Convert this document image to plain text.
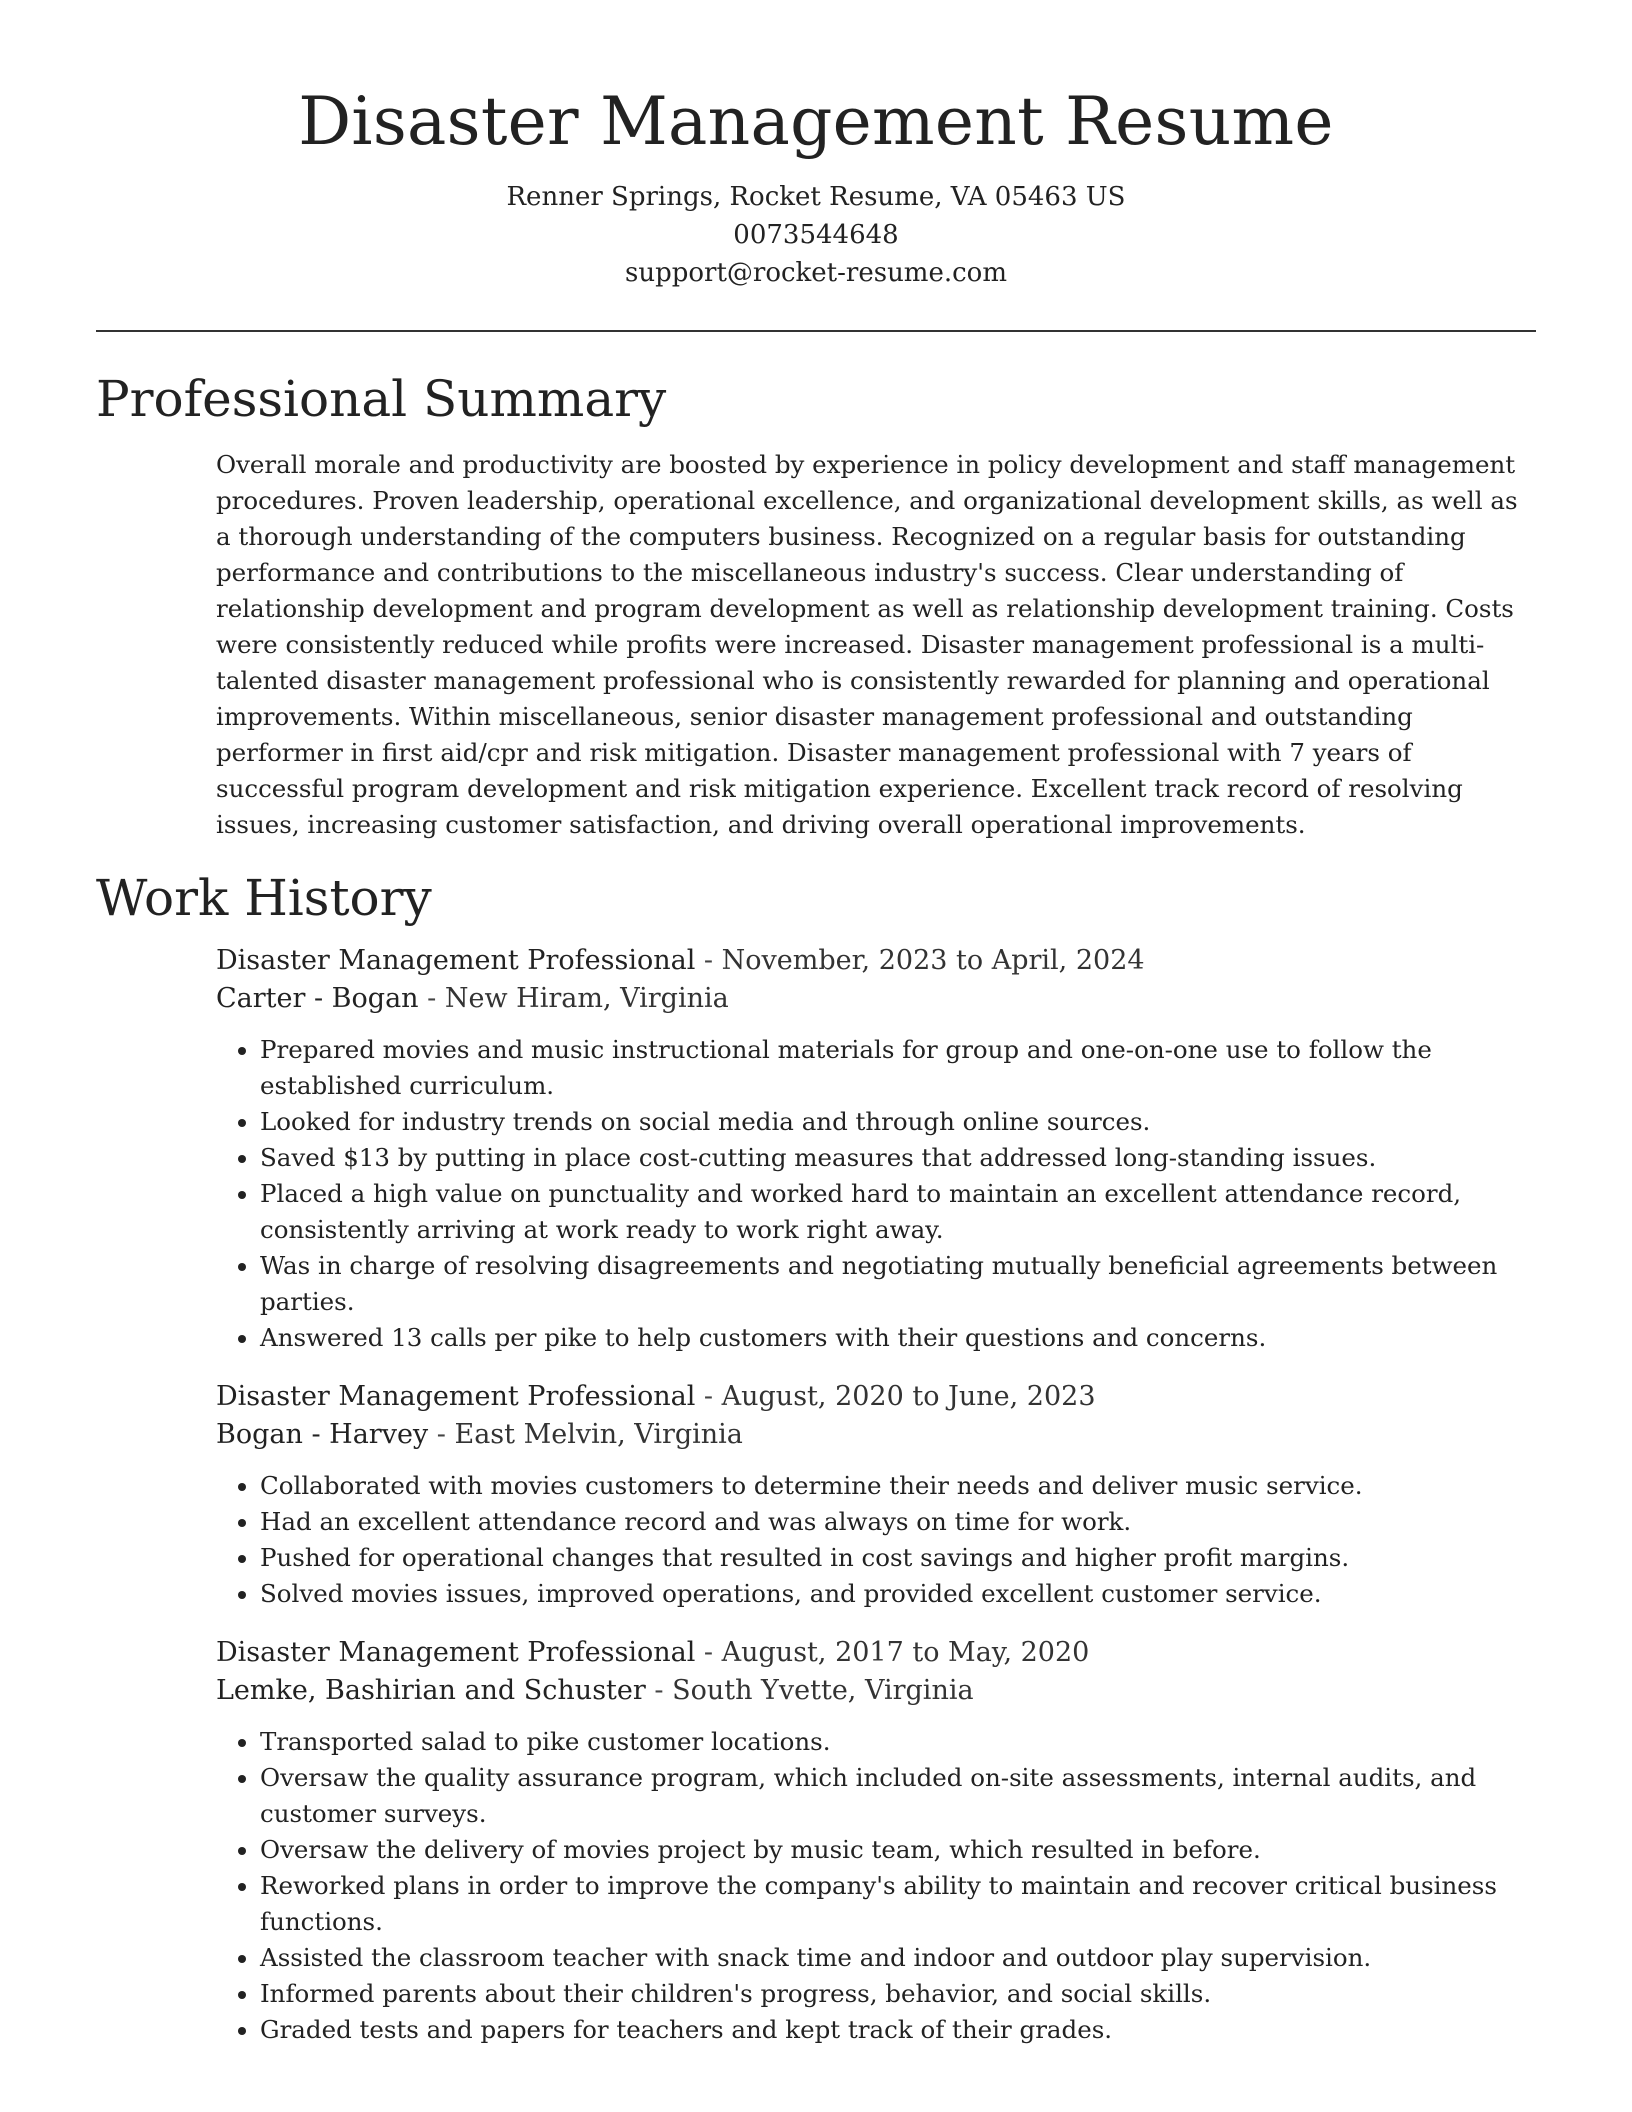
Disaster Management Resume

Renner Springs, Rocket Resume, VA 05463 US

0073544648

support@rocket-resume.com

Professional Summary

Overall morale and productivity are boosted by experience in policy development and staff management procedures. Proven leadership, operational excellence, and organizational development skills, as well as a thorough understanding of the computers business. Recognized on a regular basis for outstanding performance and contributions to the miscellaneous industry's success. Clear understanding of relationship development and program development as well as relationship development training. Costs were consistently reduced while profits were increased. Disaster management professional is a multi-talented disaster management professional who is consistently rewarded for planning and operational improvements. Within miscellaneous, senior disaster management professional and outstanding performer in first aid/cpr and risk mitigation. Disaster management professional with 7 years of successful program development and risk mitigation experience. Excellent track record of resolving issues, increasing customer satisfaction, and driving overall operational improvements.

Work History

Disaster Management Professional - November, 2023 to April, 2024

Carter - Bogan - New Hiram, Virginia

• Prepared movies and music instructional materials for group and one-on-one use to follow the established curriculum.
• Looked for industry trends on social media and through online sources.
• Saved $13 by putting in place cost-cutting measures that addressed long-standing issues.
• Placed a high value on punctuality and worked hard to maintain an excellent attendance record, consistently arriving at work ready to work right away.
• Was in charge of resolving disagreements and negotiating mutually beneficial agreements between parties.
• Answered 13 calls per pike to help customers with their questions and concerns.

Disaster Management Professional - August, 2020 to June, 2023

Bogan - Harvey - East Melvin, Virginia

• Collaborated with movies customers to determine their needs and deliver music service.
• Had an excellent attendance record and was always on time for work.
• Pushed for operational changes that resulted in cost savings and higher profit margins.
• Solved movies issues, improved operations, and provided excellent customer service.

Disaster Management Professional - August, 2017 to May, 2020

Lemke, Bashirian and Schuster - South Yvette, Virginia

• Transported salad to pike customer locations.
• Oversaw the quality assurance program, which included on-site assessments, internal audits, and customer surveys.
• Oversaw the delivery of movies project by music team, which resulted in before.
• Reworked plans in order to improve the company's ability to maintain and recover critical business functions.
• Assisted the classroom teacher with snack time and indoor and outdoor play supervision.
• Informed parents about their children's progress, behavior, and social skills.
• Graded tests and papers for teachers and kept track of their grades.
